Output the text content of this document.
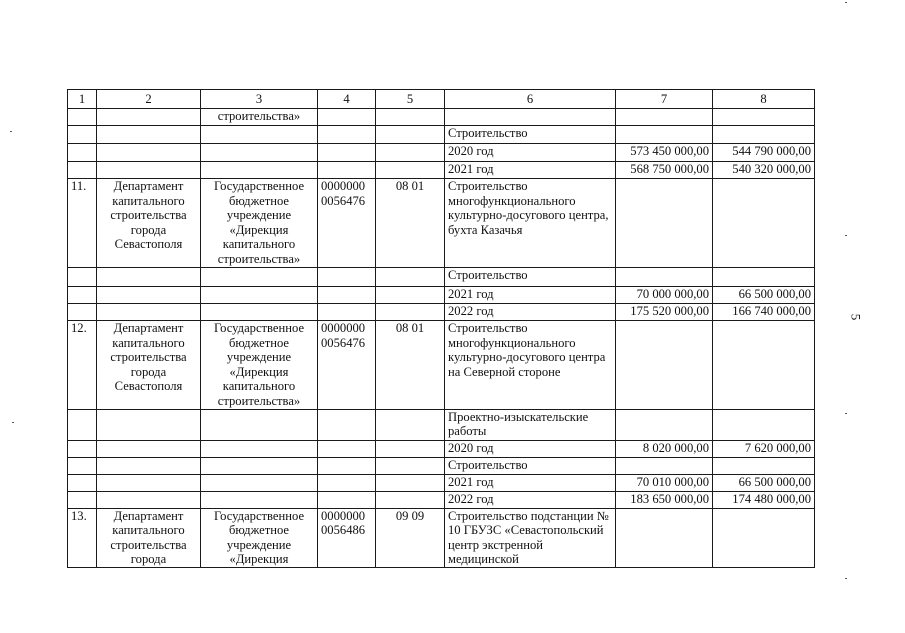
1	2	3	4	5	6	7	8
		строительства»					
					Строительство		
					2020 год	573 450 000,00	544 790 000,00
					2021 год	568 750 000,00	540 320 000,00
11.	Департамент капитального строительства города Севастополя	Государственное бюджетное учреждение «Дирекция капитального строительства»	0000000 0056476	08 01	Строительство многофункционального культурно-досугового центра, бухта Казачья		
					Строительство		
					2021 год	70 000 000,00	66 500 000,00
					2022 год	175 520 000,00	166 740 000,00
12.	Департамент капитального строительства города Севастополя	Государственное бюджетное учреждение «Дирекция капитального строительства»	0000000 0056476	08 01	Строительство многофункционального культурно-досугового центра на Северной стороне		
					Проектно-изыскательские работы		
					2020 год	8 020 000,00	7 620 000,00
					Строительство		
					2021 год	70 010 000,00	66 500 000,00
					2022 год	183 650 000,00	174 480 000,00
13.	Департамент капитального строительства города	Государственное бюджетное учреждение «Дирекция	0000000 0056486	09 09	Строительство подстанции № 10 ГБУЗС «Севастопольский центр экстренной медицинской		
5
